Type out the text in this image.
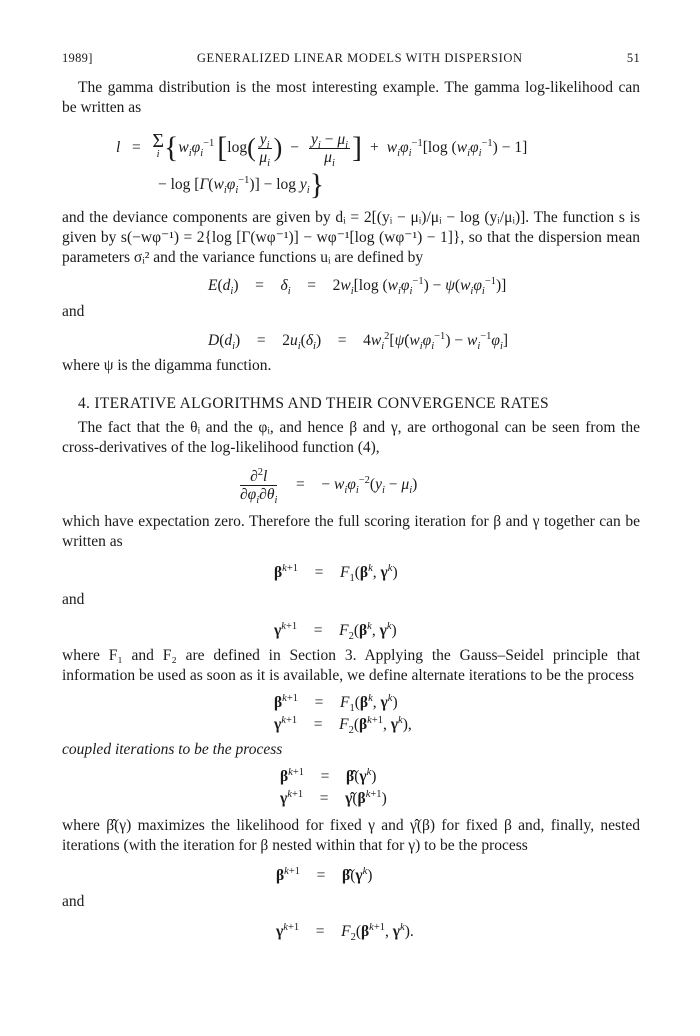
1989]	GENERALIZED LINEAR MODELS WITH DISPERSION	51

The gamma distribution is the most interesting example. The gamma log-likelihood can be written as

l = Σ
i { $w_i\varphi_i^{-1}$ [ log ( $\frac{y_i}{\mu_i}$ ) − $\frac{y_i - \mu_i}{\mu_i}$ ] + $w_i\varphi_i^{-1}[\log$ $(w_i\varphi_i^{-1}) - 1$]
− $\log [\Gamma(w_i\varphi_i^{-1})] - \log y_i$ }

and the deviance components are given by dᵢ = 2[(yᵢ − μᵢ)/μᵢ − log (yᵢ/μᵢ)]. The function s is given by s(−wφ⁻¹) = 2{log [Γ(wφ⁻¹)] − wφ⁻¹[log (wφ⁻¹) − 1]}, so that the dispersion mean parameters σᵢ² and the variance functions uᵢ are defined by

$E(d_i)$	=	$\delta_i$	=	$2w_i[\log$ $(w_i\varphi_i^{-1}) - \psi(w_i\varphi_i^{-1})$]

and

$D(d_i)$	=	$2u_i(\delta_i)$	=	$4w_i^2[\psi̇(w_i\varphi_i^{-1}) - w_i^{-1}\varphi_i]$

where ψ is the digamma function.

4. ITERATIVE ALGORITHMS AND THEIR CONVERGENCE RATES

The fact that the θᵢ and the φᵢ, and hence β and γ, are orthogonal can be seen from the cross-derivatives of the log-likelihood function (4),

$\frac{\partial^2l}{\partial\varphi_i\partial\theta_i}$	=	− $w_i\varphi_i^{-2}(y_i - \mu_i)$

which have expectation zero. Therefore the full scoring iteration for β and γ together can be written as

$\beta^{k+1}$	=	$F_1(\beta^k$, $\gamma^k$)

and

$\gamma^{k+1}$	=	$F_2(\beta^k$, $\gamma^k$)

where F₁ and F₂ are defined in Section 3. Applying the Gauss–Seidel principle that information be used as soon as it is available, we define alternate iterations to be the process

$\beta^{k+1}$	=	$F_1(\beta^k$, $\gamma^k$)
$\gamma^{k+1}$	=	$F_2(\beta^{k+1}$, $\gamma^k$),

coupled iterations to be the process

$\beta^{k+1}$	=	$\betâ(\gamma^k)$
$\gamma^{k+1}$	=	$\gammâ(\beta^{k+1})$

where β̂(γ) maximizes the likelihood for fixed γ and γ̂(β) for fixed β and, finally, nested iterations (with the iteration for β nested within that for γ) to be the process

$\beta^{k+1}$	=	$\betâ(\gamma^k)$

and

$\gamma^{k+1}$	=	$F_2(\beta^{k+1}$, $\gamma^k$).
